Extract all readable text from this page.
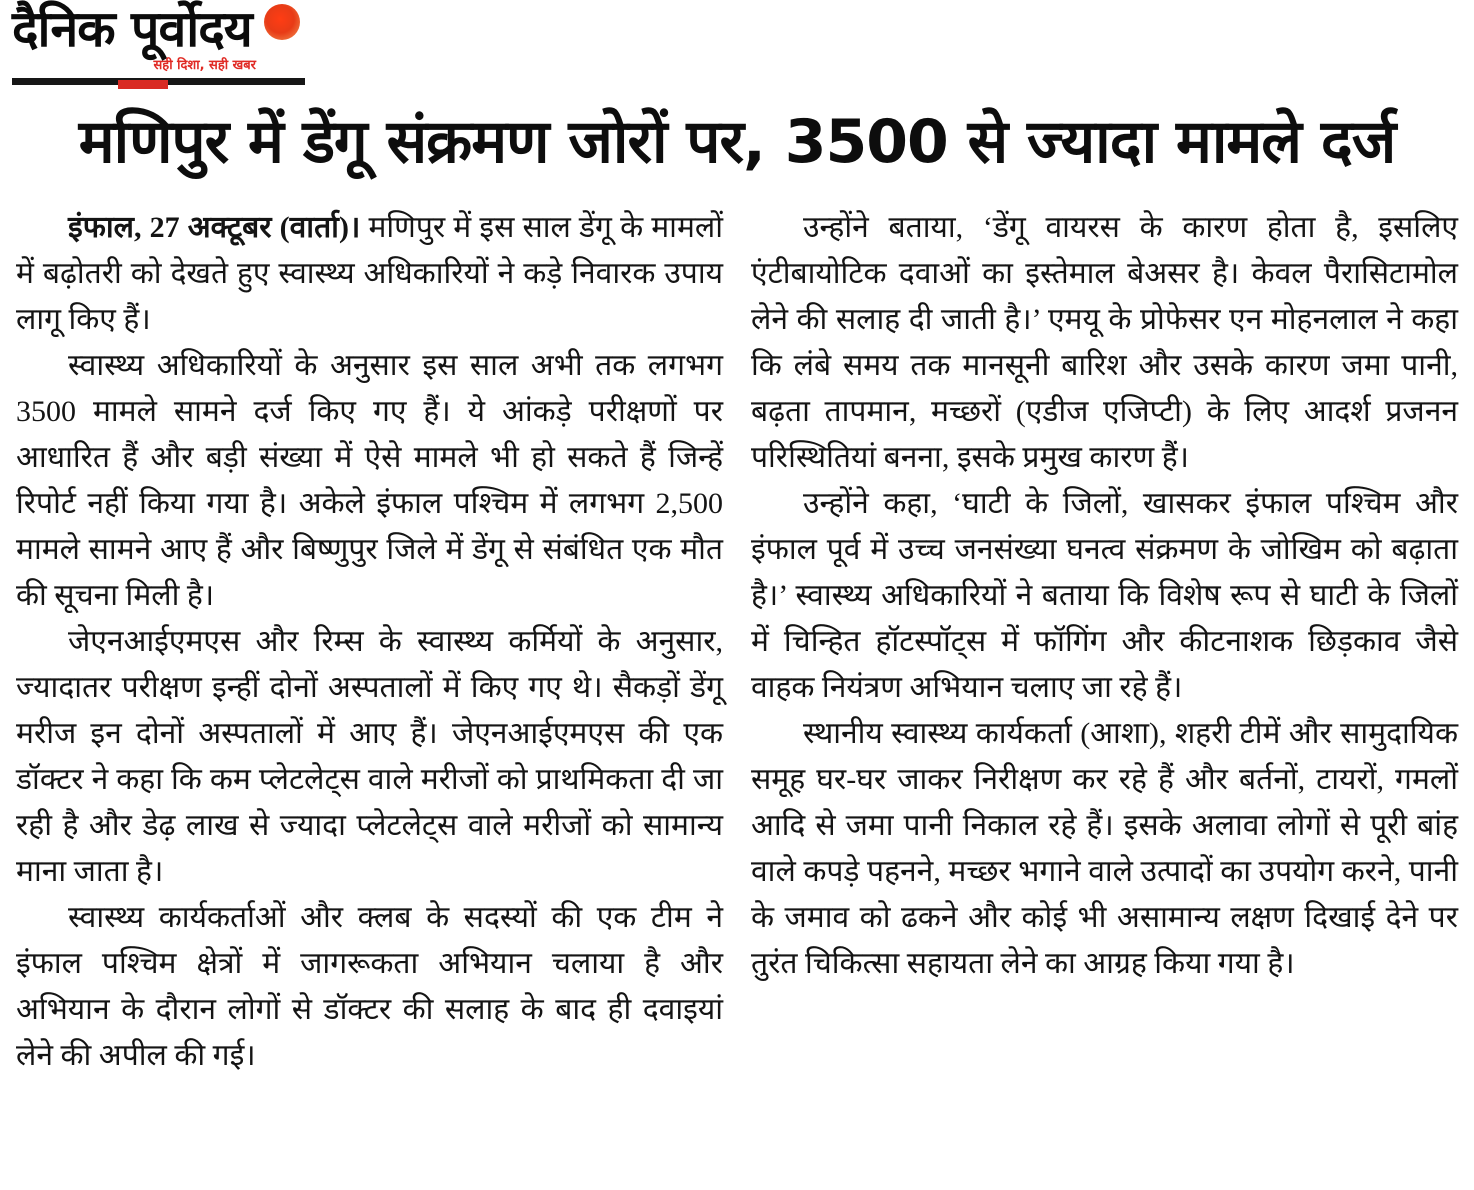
दैनिक पूर्वोदय
सही दिशा, सही खबर
मणिपुर में डेंगू संक्रमण जोरों पर, 3500 से ज्यादा मामले दर्ज

इंफाल, 27 अक्टूबर (वार्ता)। मणिपुर में इस साल डेंगू के मामलों में बढ़ोतरी को देखते हुए स्वास्थ्य अधिकारियों ने कड़े निवारक उपाय लागू किए हैं।

स्वास्थ्य अधिकारियों के अनुसार इस साल अभी तक लगभग 3500 मामले सामने दर्ज किए गए हैं। ये आंकड़े परीक्षणों पर आधारित हैं और बड़ी संख्या में ऐसे मामले भी हो सकते हैं जिन्हें रिपोर्ट नहीं किया गया है। अकेले इंफाल पश्चिम में लगभग 2,500 मामले सामने आए हैं और बिष्णुपुर जिले में डेंगू से संबंधित एक मौत की सूचना मिली है।

जेएनआईएमएस और रिम्स के स्वास्थ्य कर्मियों के अनुसार, ज्यादातर परीक्षण इन्हीं दोनों अस्पतालों में किए गए थे। सैकड़ों डेंगू मरीज इन दोनों अस्पतालों में आए हैं। जेएनआईएमएस की एक डॉक्टर ने कहा कि कम प्लेटलेट्स वाले मरीजों को प्राथमिकता दी जा रही है और डेढ़ लाख से ज्यादा प्लेटलेट्स वाले मरीजों को सामान्य माना जाता है।

स्वास्थ्य कार्यकर्ताओं और क्लब के सदस्यों की एक टीम ने इंफाल पश्चिम क्षेत्रों में जागरूकता अभियान चलाया है और अभियान के दौरान लोगों से डॉक्टर की सलाह के बाद ही दवाइयां लेने की अपील की गई।

उन्होंने बताया, ‘डेंगू वायरस के कारण होता है, इसलिए एंटीबायोटिक दवाओं का इस्तेमाल बेअसर है। केवल पैरासिटामोल लेने की सलाह दी जाती है।’ एमयू के प्रोफेसर एन मोहनलाल ने कहा कि लंबे समय तक मानसूनी बारिश और उसके कारण जमा पानी, बढ़ता तापमान, मच्छरों (एडीज एजिप्टी) के लिए आदर्श प्रजनन परिस्थितियां बनना, इसके प्रमुख कारण हैं।

उन्होंने कहा, ‘घाटी के जिलों, खासकर इंफाल पश्चिम और इंफाल पूर्व में उच्च जनसंख्या घनत्व संक्रमण के जोखिम को बढ़ाता है।’ स्वास्थ्य अधिकारियों ने बताया कि विशेष रूप से घाटी के जिलों में चिन्हित हॉटस्पॉट्स में फॉगिंग और कीटनाशक छिड़काव जैसे वाहक नियंत्रण अभियान चलाए जा रहे हैं।

स्थानीय स्वास्थ्य कार्यकर्ता (आशा), शहरी टीमें और सामुदायिक समूह घर-घर जाकर निरीक्षण कर रहे हैं और बर्तनों, टायरों, गमलों आदि से जमा पानी निकाल रहे हैं। इसके अलावा लोगों से पूरी बांह वाले कपड़े पहनने, मच्छर भगाने वाले उत्पादों का उपयोग करने, पानी के जमाव को ढकने और कोई भी असामान्य लक्षण दिखाई देने पर तुरंत चिकित्सा सहायता लेने का आग्रह किया गया है।
